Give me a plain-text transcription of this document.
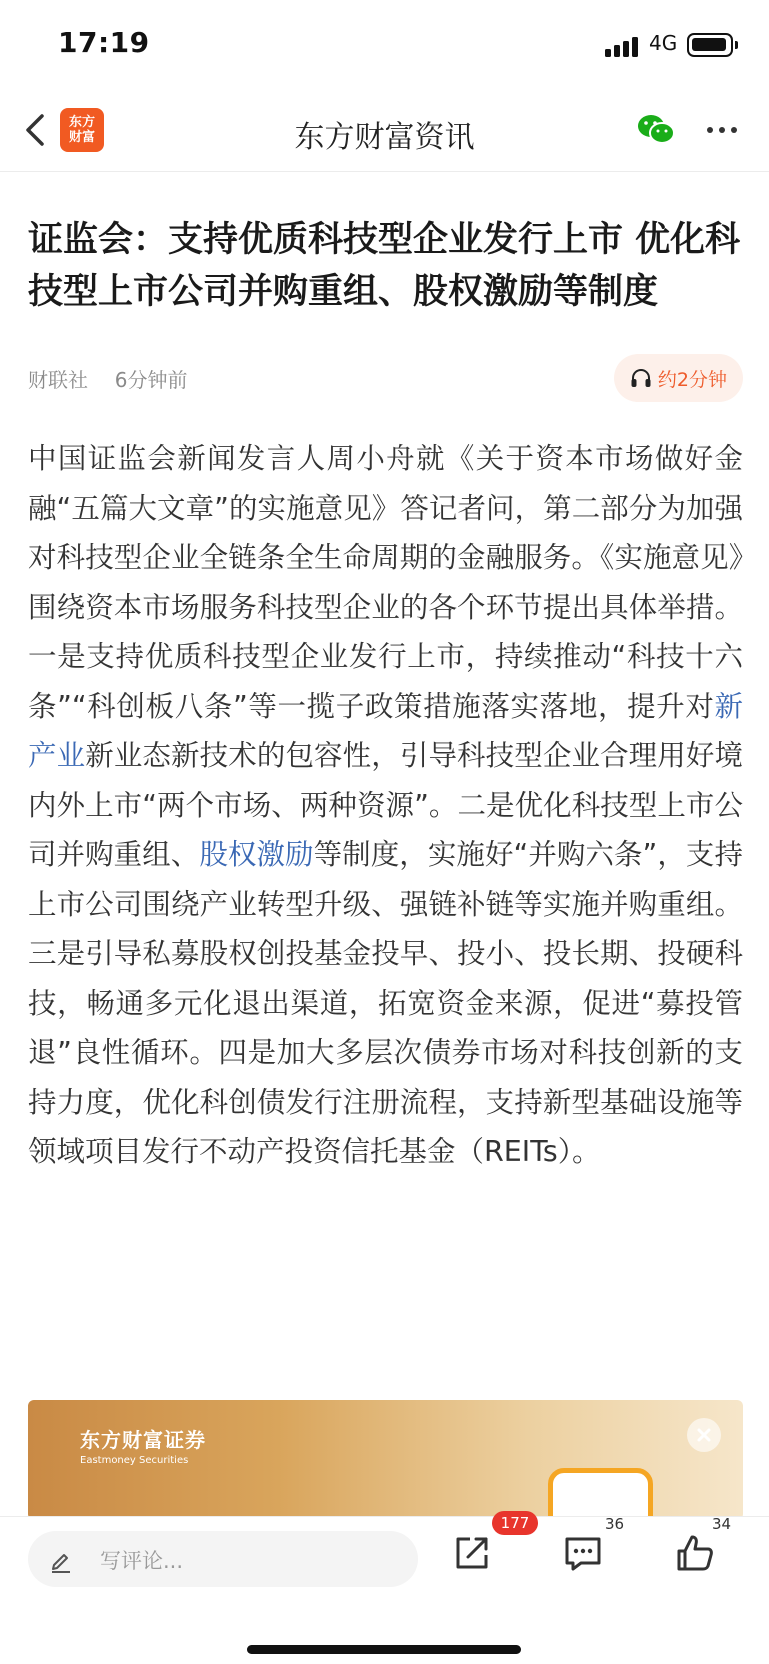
17:19	4G
东方财富	东方财富资讯
证监会：支持优质科技型企业发行上市 优化科技型上市公司并购重组、股权激励等制度
财联社 6分钟前	约2分钟

中国证监会新闻发言人周小舟就《关于资本市场做好金融“五篇大文章”的实施意见》答记者问，第二部分为加强对科技型企业全链条全生命周期的金融服务。《实施意见》围绕资本市场服务科技型企业的各个环节提出具体举措。一是支持优质科技型企业发行上市，持续推动“科技十六条”“科创板八条”等一揽子政策措施落实落地，提升对新产业新业态新技术的包容性，引导科技型企业合理用好境内外上市“两个市场、两种资源”。二是优化科技型上市公司并购重组、股权激励等制度，实施好“并购六条”，支持上市公司围绕产业转型升级、强链补链等实施并购重组。三是引导私募股权创投基金投早、投小、投长期、投硬科技，畅通多元化退出渠道，拓宽资金来源，促进“募投管退”良性循环。四是加大多层次债券市场对科技创新的支持力度，优化科创债发行注册流程，支持新型基础设施等领域项目发行不动产投资信托基金（REITs）。

东方财富证券
Eastmoney Securities
写评论...
177	36	34
